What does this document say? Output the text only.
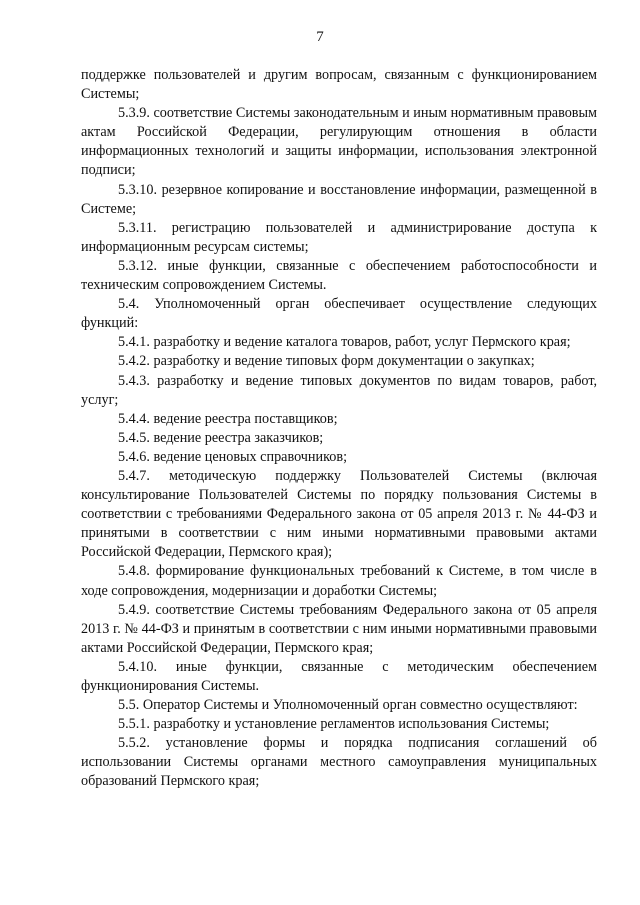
7

поддержке пользователей и другим вопросам, связанным с функционированием Системы;

5.3.9. соответствие Системы законодательным и иным нормативным правовым актам Российской Федерации, регулирующим отношения в области информационных технологий и защиты информации, использования электронной подписи;

5.3.10. резервное копирование и восстановление информации, размещенной в Системе;

5.3.11. регистрацию пользователей и администрирование доступа к информационным ресурсам системы;

5.3.12. иные функции, связанные с обеспечением работоспособности и техническим сопровождением Системы.

5.4. Уполномоченный орган обеспечивает осуществление следующих функций:

5.4.1. разработку и ведение каталога товаров, работ, услуг Пермского края;

5.4.2. разработку и ведение типовых форм документации о закупках;

5.4.3. разработку и ведение типовых документов по видам товаров, работ, услуг;

5.4.4. ведение реестра поставщиков;

5.4.5. ведение реестра заказчиков;

5.4.6. ведение ценовых справочников;

5.4.7. методическую поддержку Пользователей Системы (включая консультирование Пользователей Системы по порядку пользования Системы в соответствии с требованиями Федерального закона от 05 апреля 2013 г. № 44-ФЗ и принятыми в соответствии с ним иными нормативными правовыми актами Российской Федерации, Пермского края);

5.4.8. формирование функциональных требований к Системе, в том числе в ходе сопровождения, модернизации и доработки Системы;

5.4.9. соответствие Системы требованиям Федерального закона от 05 апреля 2013 г. № 44-ФЗ и принятым в соответствии с ним иными нормативными правовыми актами Российской Федерации, Пермского края;

5.4.10. иные функции, связанные с методическим обеспечением функционирования Системы.

5.5. Оператор Системы и Уполномоченный орган совместно осуществляют:

5.5.1. разработку и установление регламентов использования Системы;

5.5.2. установление формы и порядка подписания соглашений об использовании Системы органами местного самоуправления муниципальных образований Пермского края;
